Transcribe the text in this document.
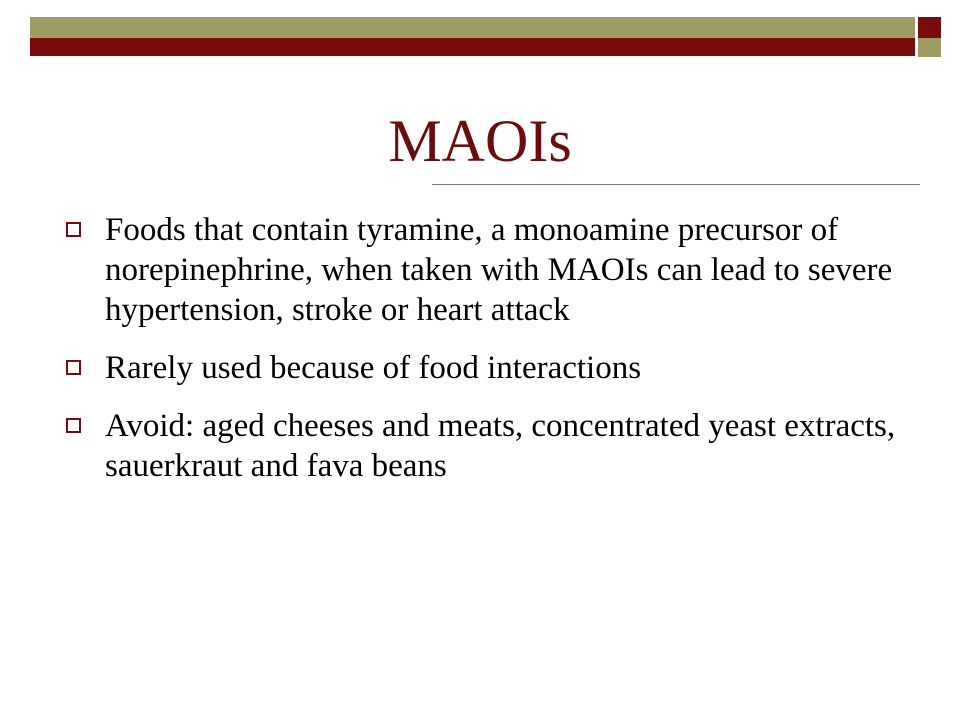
MAOIs
Foods that contain tyramine, a monoamine precursor of norepinephrine, when taken with MAOIs can lead to severe hypertension, stroke or heart attack
Rarely used because of food interactions
Avoid: aged cheeses and meats, concentrated yeast extracts, sauerkraut and fava beans
